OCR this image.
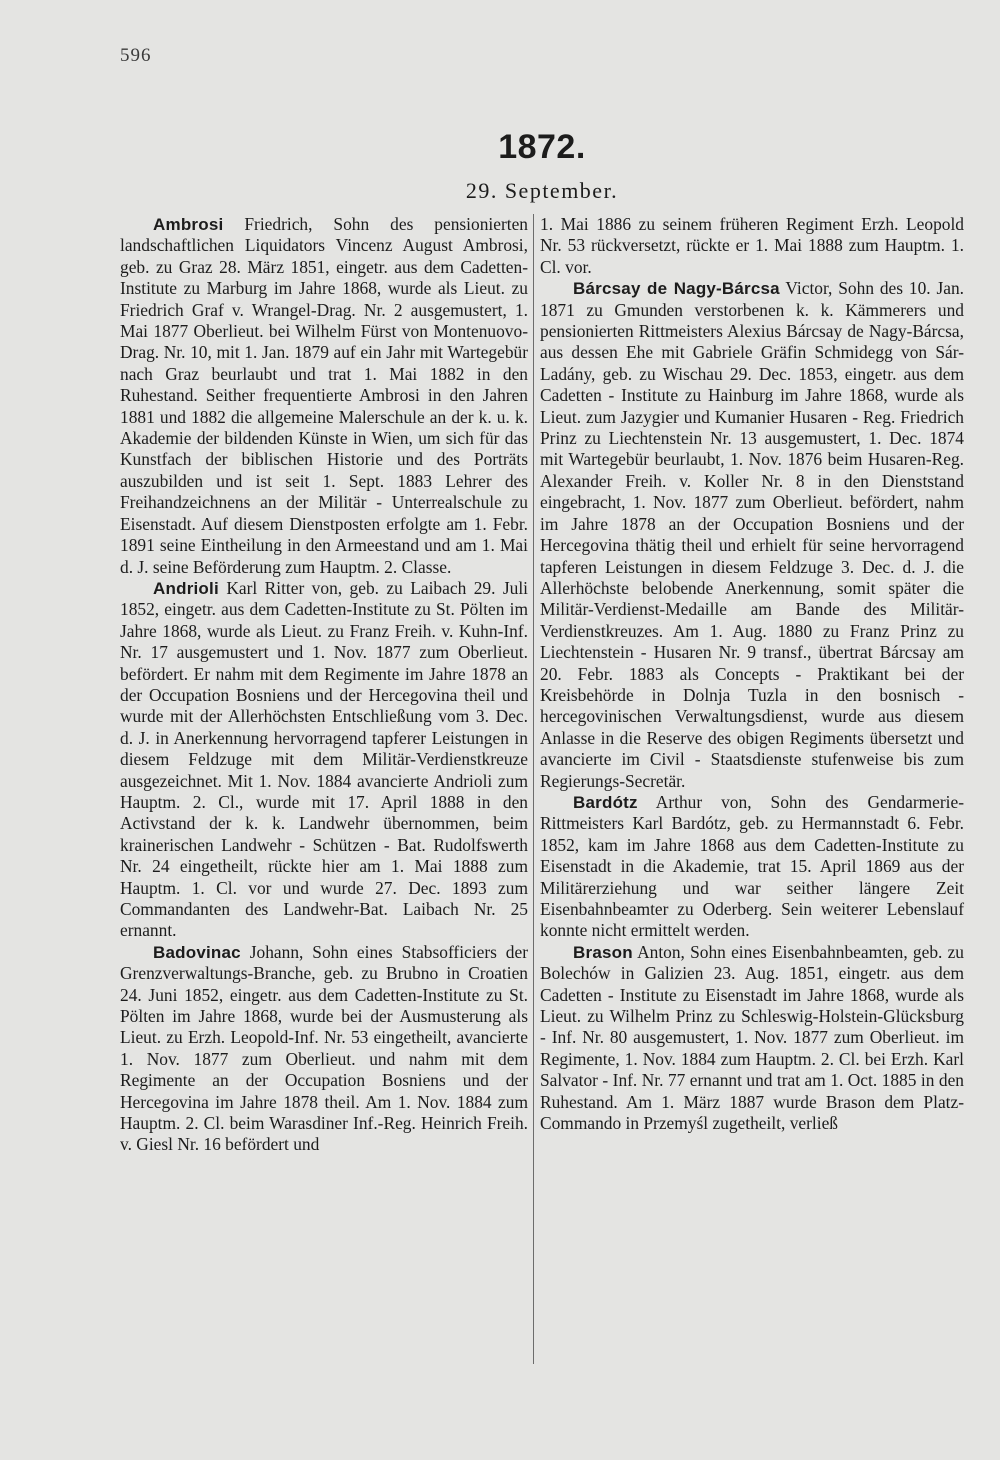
596
1872.
29. September.

Ambrosi Friedrich, Sohn des pensionierten landschaftlichen Liquidators Vincenz August Ambrosi, geb. zu Graz 28. März 1851, eingetr. aus dem Cadetten-Institute zu Marburg im Jahre 1868, wurde als Lieut. zu Friedrich Graf v. Wrangel-Drag. Nr. 2 ausgemustert, 1. Mai 1877 Oberlieut. bei Wilhelm Fürst von Montenuovo-Drag. Nr. 10, mit 1. Jan. 1879 auf ein Jahr mit Wartegebür nach Graz beurlaubt und trat 1. Mai 1882 in den Ruhestand. Seither frequentierte Ambrosi in den Jahren 1881 und 1882 die allgemeine Malerschule an der k. u. k. Akademie der bildenden Künste in Wien, um sich für das Kunstfach der biblischen Historie und des Porträts auszubilden und ist seit 1. Sept. 1883 Lehrer des Freihandzeichnens an der Militär - Unterrealschule zu Eisenstadt. Auf diesem Dienstposten erfolgte am 1. Febr. 1891 seine Eintheilung in den Armeestand und am 1. Mai d. J. seine Beförderung zum Hauptm. 2. Classe.

Andrioli Karl Ritter von, geb. zu Laibach 29. Juli 1852, eingetr. aus dem Cadetten-Institute zu St. Pölten im Jahre 1868, wurde als Lieut. zu Franz Freih. v. Kuhn-Inf. Nr. 17 ausgemustert und 1. Nov. 1877 zum Oberlieut. befördert. Er nahm mit dem Regimente im Jahre 1878 an der Occupation Bosniens und der Hercegovina theil und wurde mit der Allerhöchsten Entschließung vom 3. Dec. d. J. in Anerkennung hervorragend tapferer Leistungen in diesem Feldzuge mit dem Militär-Verdienstkreuze ausgezeichnet. Mit 1. Nov. 1884 avancierte Andrioli zum Hauptm. 2. Cl., wurde mit 17. April 1888 in den Activstand der k. k. Landwehr übernommen, beim krainerischen Landwehr - Schützen - Bat. Rudolfswerth Nr. 24 eingetheilt, rückte hier am 1. Mai 1888 zum Hauptm. 1. Cl. vor und wurde 27. Dec. 1893 zum Commandanten des Landwehr-Bat. Laibach Nr. 25 ernannt.

Badovinac Johann, Sohn eines Stabsofficiers der Grenzverwaltungs-Branche, geb. zu Brubno in Croatien 24. Juni 1852, eingetr. aus dem Cadetten-Institute zu St. Pölten im Jahre 1868, wurde bei der Ausmusterung als Lieut. zu Erzh. Leopold-Inf. Nr. 53 eingetheilt, avancierte 1. Nov. 1877 zum Oberlieut. und nahm mit dem Regimente an der Occupation Bosniens und der Hercegovina im Jahre 1878 theil. Am 1. Nov. 1884 zum Hauptm. 2. Cl. beim Warasdiner Inf.-Reg. Heinrich Freih. v. Giesl Nr. 16 befördert und

1. Mai 1886 zu seinem früheren Regiment Erzh. Leopold Nr. 53 rückversetzt, rückte er 1. Mai 1888 zum Hauptm. 1. Cl. vor.

Bárcsay de Nagy-Bárcsa Victor, Sohn des 10. Jan. 1871 zu Gmunden verstorbenen k. k. Kämmerers und pensionierten Rittmeisters Alexius Bárcsay de Nagy-Bárcsa, aus dessen Ehe mit Gabriele Gräfin Schmidegg von Sár-Ladány, geb. zu Wischau 29. Dec. 1853, eingetr. aus dem Cadetten - Institute zu Hainburg im Jahre 1868, wurde als Lieut. zum Jazygier und Kumanier Husaren - Reg. Friedrich Prinz zu Liechtenstein Nr. 13 ausgemustert, 1. Dec. 1874 mit Wartegebür beurlaubt, 1. Nov. 1876 beim Husaren-Reg. Alexander Freih. v. Koller Nr. 8 in den Dienststand eingebracht, 1. Nov. 1877 zum Oberlieut. befördert, nahm im Jahre 1878 an der Occupation Bosniens und der Hercegovina thätig theil und erhielt für seine hervorragend tapferen Leistungen in diesem Feldzuge 3. Dec. d. J. die Allerhöchste belobende Anerkennung, somit später die Militär-Verdienst-Medaille am Bande des Militär-Verdienstkreuzes. Am 1. Aug. 1880 zu Franz Prinz zu Liechtenstein - Husaren Nr. 9 transf., übertrat Bárcsay am 20. Febr. 1883 als Concepts - Praktikant bei der Kreisbehörde in Dolnja Tuzla in den bosnisch - hercegovinischen Verwaltungsdienst, wurde aus diesem Anlasse in die Reserve des obigen Regiments übersetzt und avancierte im Civil - Staatsdienste stufenweise bis zum Regierungs-Secretär.

Bardótz Arthur von, Sohn des Gendarmerie-Rittmeisters Karl Bardótz, geb. zu Hermannstadt 6. Febr. 1852, kam im Jahre 1868 aus dem Cadetten-Institute zu Eisenstadt in die Akademie, trat 15. April 1869 aus der Militärerziehung und war seither längere Zeit Eisenbahnbeamter zu Oderberg. Sein weiterer Lebenslauf konnte nicht ermittelt werden.

Brason Anton, Sohn eines Eisenbahnbeamten, geb. zu Bolechów in Galizien 23. Aug. 1851, eingetr. aus dem Cadetten - Institute zu Eisenstadt im Jahre 1868, wurde als Lieut. zu Wilhelm Prinz zu Schleswig-Holstein-Glücksburg - Inf. Nr. 80 ausgemustert, 1. Nov. 1877 zum Oberlieut. im Regimente, 1. Nov. 1884 zum Hauptm. 2. Cl. bei Erzh. Karl Salvator - Inf. Nr. 77 ernannt und trat am 1. Oct. 1885 in den Ruhestand. Am 1. März 1887 wurde Brason dem Platz-Commando in Przemyśl zugetheilt, verließ
